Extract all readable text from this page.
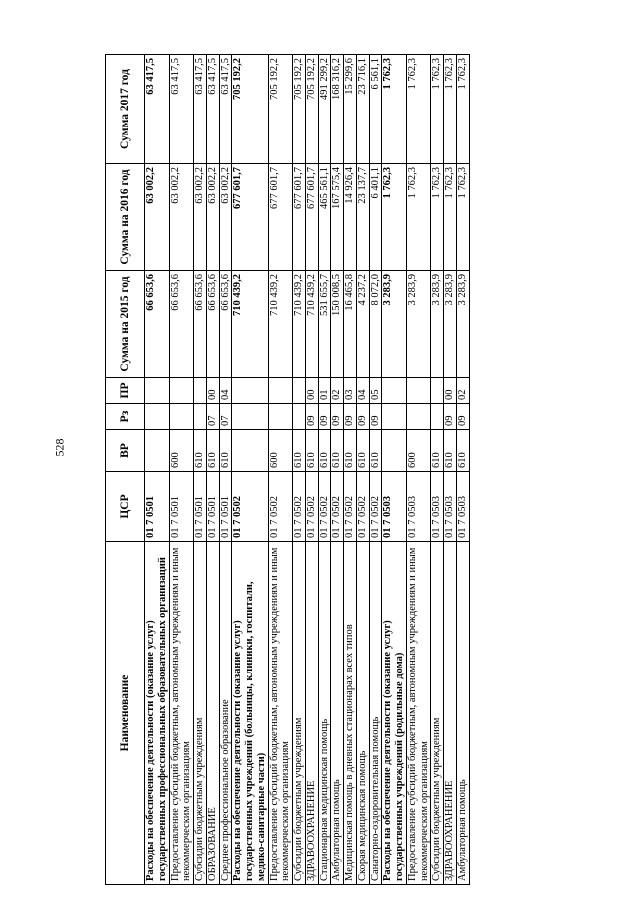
528
Наименование	ЦСР	ВР	Рз	ПР	Сумма на 2015 год	Сумма на 2016 год	Сумма 2017 год
Расходы на обеспечение деятельности (оказание услуг) государственных профессиональных образовательных организаций	01 7 0501				66 653,6	63 002,2	63 417,5
Предоставление субсидий бюджетным, автономным учреждениям и иным некоммерческим организациям	01 7 0501	600			66 653,6	63 002,2	63 417,5
Субсидии бюджетным учреждениям	01 7 0501	610			66 653,6	63 002,2	63 417,5
ОБРАЗОВАНИЕ	01 7 0501	610	07	00	66 653,6	63 002,2	63 417,5
Среднее профессиональное образование	01 7 0501	610	07	04	66 653,6	63 002,2	63 417,5
Расходы на обеспечение деятельности (оказание услуг) государственных учреждений (больницы, клиники, госпитали, медико-санитарные части)	01 7 0502				710 439,2	677 601,7	705 192,2
Предоставление субсидий бюджетным, автономным учреждениям и иным некоммерческим организациям	01 7 0502	600			710 439,2	677 601,7	705 192,2
Субсидии бюджетным учреждениям	01 7 0502	610			710 439,2	677 601,7	705 192,2
ЗДРАВООХРАНЕНИЕ	01 7 0502	610	09	00	710 439,2	677 601,7	705 192,2
Стационарная медицинская помощь	01 7 0502	610	09	01	531 655,7	465 561,1	491 299,2
Амбулаторная помощь	01 7 0502	610	09	02	150 008,5	167 575,4	168 316,2
Медицинская помощь в дневных стационарах всех типов	01 7 0502	610	09	03	16 465,8	14 926,4	15 299,6
Скорая медицинская помощь	01 7 0502	610	09	04	4 237,2	23 137,7	23 716,1
Санаторно-оздоровительная помощь	01 7 0502	610	09	05	8 072,0	6 401,1	6 561,1
Расходы на обеспечение деятельности (оказание услуг) государственных учреждений (родильные дома)	01 7 0503				3 283,9	1 762,3	1 762,3
Предоставление субсидий бюджетным, автономным учреждениям и иным некоммерческим организациям	01 7 0503	600			3 283,9	1 762,3	1 762,3
Субсидии бюджетным учреждениям	01 7 0503	610			3 283,9	1 762,3	1 762,3
ЗДРАВООХРАНЕНИЕ	01 7 0503	610	09	00	3 283,9	1 762,3	1 762,3
Амбулаторная помощь	01 7 0503	610	09	02	3 283,9	1 762,3	1 762,3
